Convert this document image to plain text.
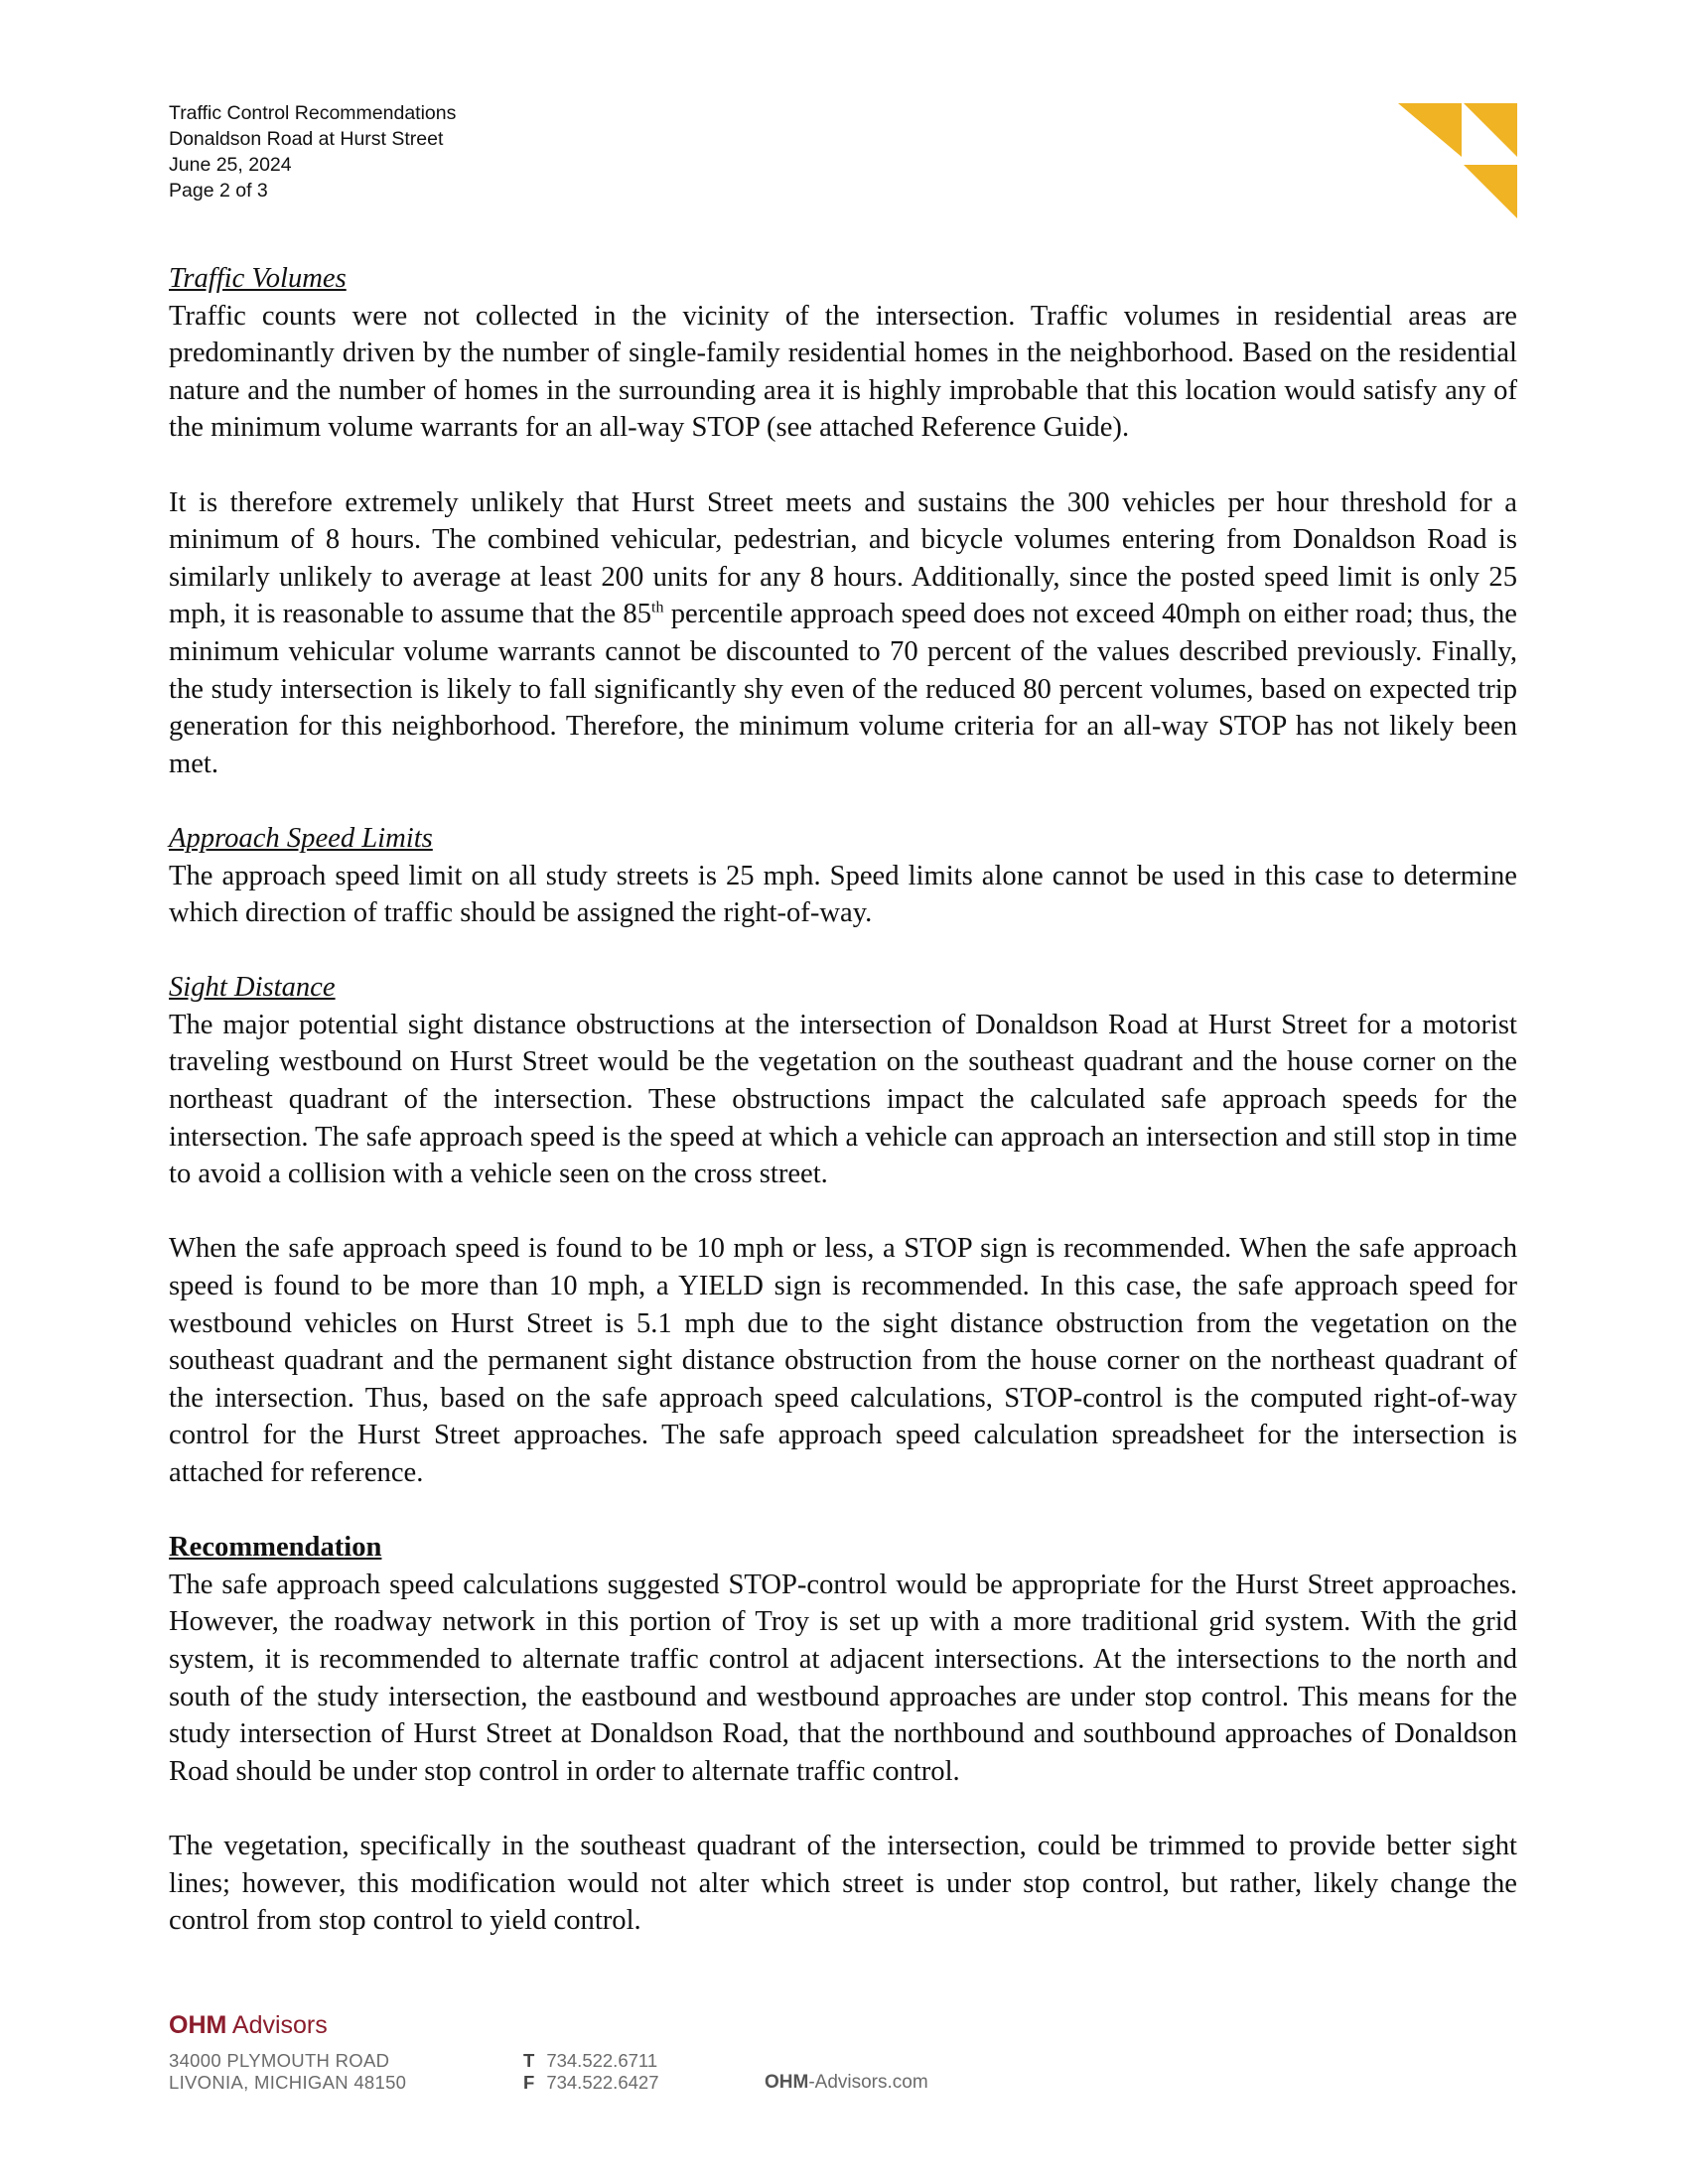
Traffic Control Recommendations
Donaldson Road at Hurst Street
June 25, 2024
Page 2 of 3

Traffic Volumes

Traffic counts were not collected in the vicinity of the intersection. Traffic volumes in residential areas are predominantly driven by the number of single-family residential homes in the neighborhood. Based on the residential nature and the number of homes in the surrounding area it is highly improbable that this location would satisfy any of the minimum volume warrants for an all-way STOP (see attached Reference Guide).

It is therefore extremely unlikely that Hurst Street meets and sustains the 300 vehicles per hour threshold for a minimum of 8 hours. The combined vehicular, pedestrian, and bicycle volumes entering from Donaldson Road is similarly unlikely to average at least 200 units for any 8 hours. Additionally, since the posted speed limit is only 25 mph, it is reasonable to assume that the 85th percentile approach speed does not exceed 40mph on either road; thus, the minimum vehicular volume warrants cannot be discounted to 70 percent of the values described previously. Finally, the study intersection is likely to fall significantly shy even of the reduced 80 percent volumes, based on expected trip generation for this neighborhood. Therefore, the minimum volume criteria for an all-way STOP has not likely been met.

Approach Speed Limits

The approach speed limit on all study streets is 25 mph. Speed limits alone cannot be used in this case to determine which direction of traffic should be assigned the right-of-way.

Sight Distance

The major potential sight distance obstructions at the intersection of Donaldson Road at Hurst Street for a motorist traveling westbound on Hurst Street would be the vegetation on the southeast quadrant and the house corner on the northeast quadrant of the intersection. These obstructions impact the calculated safe approach speeds for the intersection. The safe approach speed is the speed at which a vehicle can approach an intersection and still stop in time to avoid a collision with a vehicle seen on the cross street.

When the safe approach speed is found to be 10 mph or less, a STOP sign is recommended. When the safe approach speed is found to be more than 10 mph, a YIELD sign is recommended. In this case, the safe approach speed for westbound vehicles on Hurst Street is 5.1 mph due to the sight distance obstruction from the vegetation on the southeast quadrant and the permanent sight distance obstruction from the house corner on the northeast quadrant of the intersection. Thus, based on the safe approach speed calculations, STOP-control is the computed right-of-way control for the Hurst Street approaches. The safe approach speed calculation spreadsheet for the intersection is attached for reference.

Recommendation

The safe approach speed calculations suggested STOP-control would be appropriate for the Hurst Street approaches. However, the roadway network in this portion of Troy is set up with a more traditional grid system. With the grid system, it is recommended to alternate traffic control at adjacent intersections. At the intersections to the north and south of the study intersection, the eastbound and westbound approaches are under stop control. This means for the study intersection of Hurst Street at Donaldson Road, that the northbound and southbound approaches of Donaldson Road should be under stop control in order to alternate traffic control.

The vegetation, specifically in the southeast quadrant of the intersection, could be trimmed to provide better sight lines; however, this modification would not alter which street is under stop control, but rather, likely change the control from stop control to yield control.

OHM Advisors
34000 PLYMOUTH ROAD
LIVONIA, MICHIGAN 48150
T 734.522.6711
F 734.522.6427	OHM-Advisors.com
